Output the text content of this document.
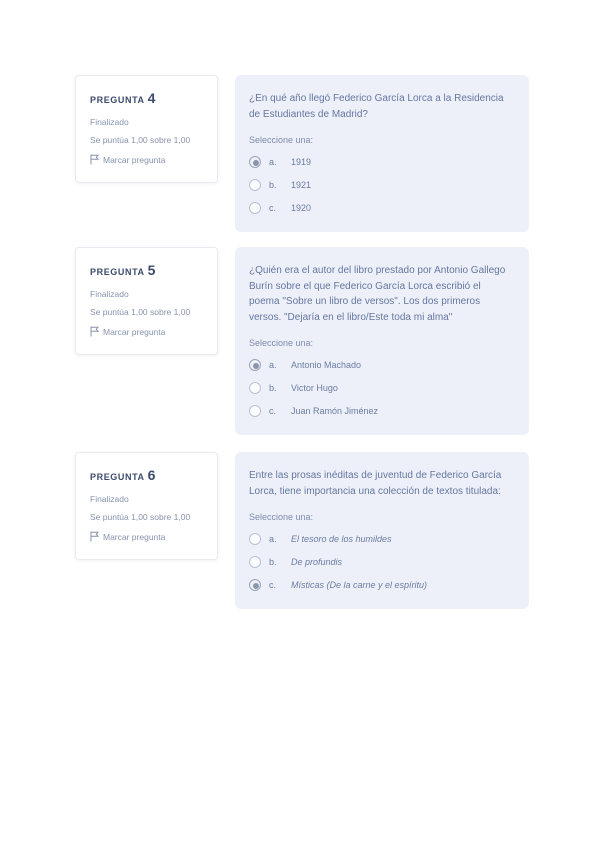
PREGUNTA 4
Finalizado
Se puntúa 1,00 sobre 1,00
Marcar pregunta
¿En qué año llegó Federico García Lorca a la Residencia de Estudiantes de Madrid?
Seleccione una:
a.	1919
b.	1921
c.	1920
PREGUNTA 5
Finalizado
Se puntúa 1,00 sobre 1,00
Marcar pregunta
¿Quién era el autor del libro prestado por Antonio Gallego Burín sobre el que Federico García Lorca escribió el poema "Sobre un libro de versos". Los dos primeros versos. "Dejaría en el libro/Este toda mi alma"
Seleccione una:
a.	Antonio Machado
b.	Victor Hugo
c.	Juan Ramón Jiménez
PREGUNTA 6
Finalizado
Se puntúa 1,00 sobre 1,00
Marcar pregunta
Entre las prosas inéditas de juventud de Federico García Lorca, tiene importancia una colección de textos titulada:
Seleccione una:
a.	El tesoro de los humildes
b.	De profundis
c.	Místicas (De la carne y el espíritu)
